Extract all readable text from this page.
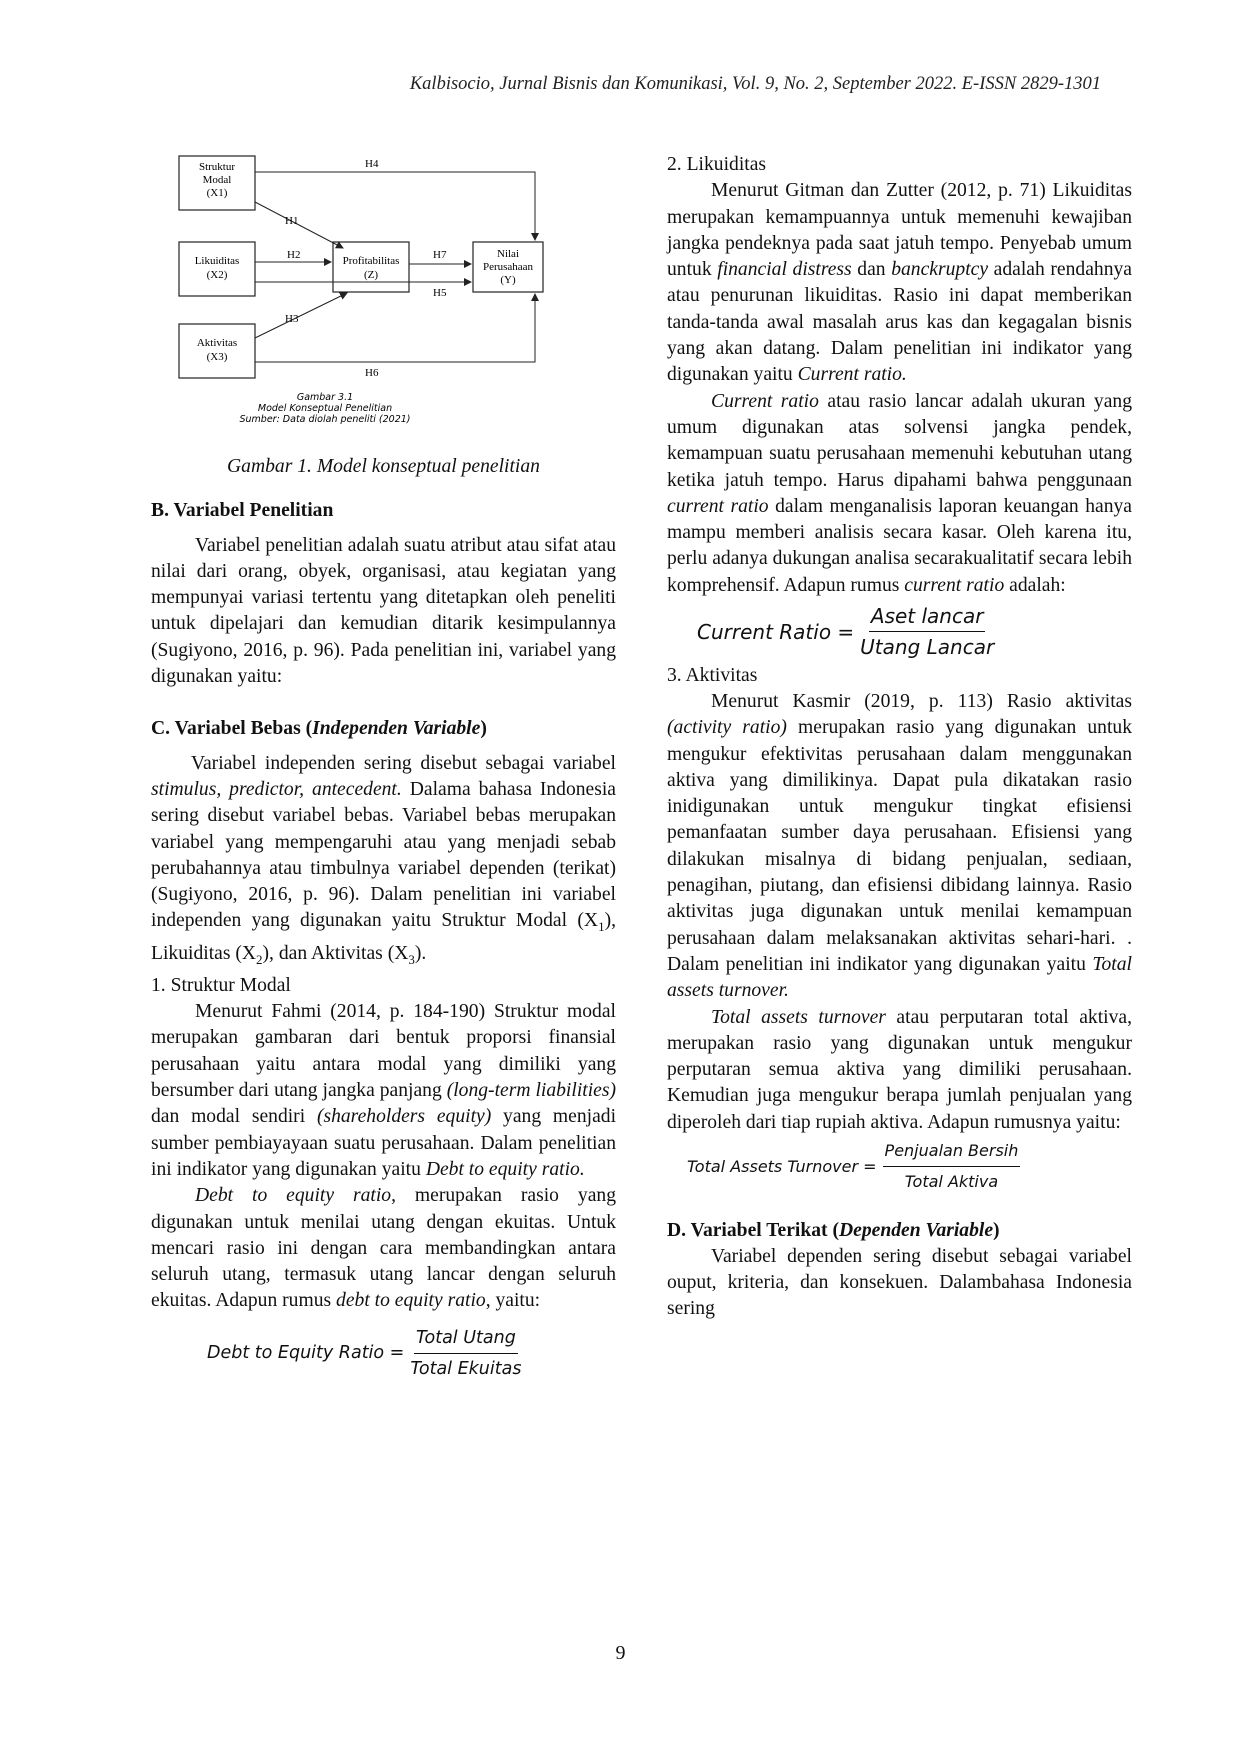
Kalbisocio, Jurnal Bisnis dan Komunikasi, Vol. 9, No. 2, September 2022. E-ISSN 2829-1301
Struktur
Modal
(X1)
Likuiditas
(X2)
Aktivitas
(X3)
Profitabilitas
(Z)
Nilai
Perusahaan
(Y)
H4
H1
H2	H7
H5
H3
H6
Gambar 3.1
Model Konseptual Penelitian
Sumber: Data diolah peneliti (2021)
Gambar 1. Model konseptual penelitian

B. Variabel Penelitian

Variabel penelitian adalah suatu atribut atau sifat atau nilai dari orang, obyek, organisasi, atau kegiatan yang mempunyai variasi tertentu yang ditetapkan oleh peneliti untuk dipelajari dan kemudian ditarik kesimpulannya (Sugiyono, 2016, p. 96). Pada penelitian ini, variabel yang digunakan yaitu:

C. Variabel Bebas (Independen Variable)

Variabel independen sering disebut sebagai variabel stimulus, predictor, antecedent. Dalama bahasa Indonesia sering disebut variabel bebas. Variabel bebas merupakan variabel yang mempengaruhi atau yang menjadi sebab perubahannya atau timbulnya variabel dependen (terikat) (Sugiyono, 2016, p. 96). Dalam penelitian ini variabel independen yang digunakan yaitu Struktur Modal $(X_1)$, Likuiditas $(X_2)$, dan Aktivitas $(X_3)$.

1. Struktur Modal

Menurut Fahmi (2014, p. 184-190) Struktur modal merupakan gambaran dari bentuk proporsi finansial perusahaan yaitu antara modal yang dimiliki yang bersumber dari utang jangka panjang (long-term liabilities) dan modal sendiri (shareholders equity) yang menjadi sumber pembiayayaan suatu perusahaan. Dalam penelitian ini indikator yang digunakan yaitu Debt to equity ratio.

Debt to equity ratio, merupakan rasio yang digunakan untuk menilai utang dengan ekuitas. Untuk mencari rasio ini dengan cara membandingkan antara seluruh utang, termasuk utang lancar dengan seluruh ekuitas. Adapun rumus debt to equity ratio, yaitu:

Debt to Equity Ratio = $\frac{\text{Total Utang}}{\text{Total Ekuitas}}$

2. Likuiditas

Menurut Gitman dan Zutter (2012, p. 71) Likuiditas merupakan kemampuannya untuk memenuhi kewajiban jangka pendeknya pada saat jatuh tempo. Penyebab umum untuk financial distress dan banckruptcy adalah rendahnya atau penurunan likuiditas. Rasio ini dapat memberikan tanda-tanda awal masalah arus kas dan kegagalan bisnis yang akan datang. Dalam penelitian ini indikator yang digunakan yaitu Current ratio.

Current ratio atau rasio lancar adalah ukuran yang umum digunakan atas solvensi jangka pendek, kemampuan suatu perusahaan memenuhi kebutuhan utang ketika jatuh tempo. Harus dipahami bahwa penggunaan current ratio dalam menganalisis laporan keuangan hanya mampu memberi analisis secara kasar. Oleh karena itu, perlu adanya dukungan analisa secarakualitatif secara lebih komprehensif. Adapun rumus current ratio adalah:

Current Ratio = $\frac{\text{Aset lancar}}{\text{Utang Lancar}}$

3. Aktivitas

Menurut Kasmir (2019, p. 113) Rasio aktivitas (activity ratio) merupakan rasio yang digunakan untuk mengukur efektivitas perusahaan dalam menggunakan aktiva yang dimilikinya. Dapat pula dikatakan rasio inidigunakan untuk mengukur tingkat efisiensi pemanfaatan sumber daya perusahaan. Efisiensi yang dilakukan misalnya di bidang penjualan, sediaan, penagihan, piutang, dan efisiensi dibidang lainnya. Rasio aktivitas juga digunakan untuk menilai kemampuan perusahaan dalam melaksanakan aktivitas sehari-hari. . Dalam penelitian ini indikator yang digunakan yaitu Total assets turnover.

Total assets turnover atau perputaran total aktiva, merupakan rasio yang digunakan untuk mengukur perputaran semua aktiva yang dimiliki perusahaan. Kemudian juga mengukur berapa jumlah penjualan yang diperoleh dari tiap rupiah aktiva. Adapun rumusnya yaitu:

Total Assets Turnover = $\frac{\text{Penjualan Bersih}}{\text{Total Aktiva}}$

D. Variabel Terikat (Dependen Variable)

Variabel dependen sering disebut sebagai variabel ouput, kriteria, dan konsekuen. Dalambahasa Indonesia sering

9
